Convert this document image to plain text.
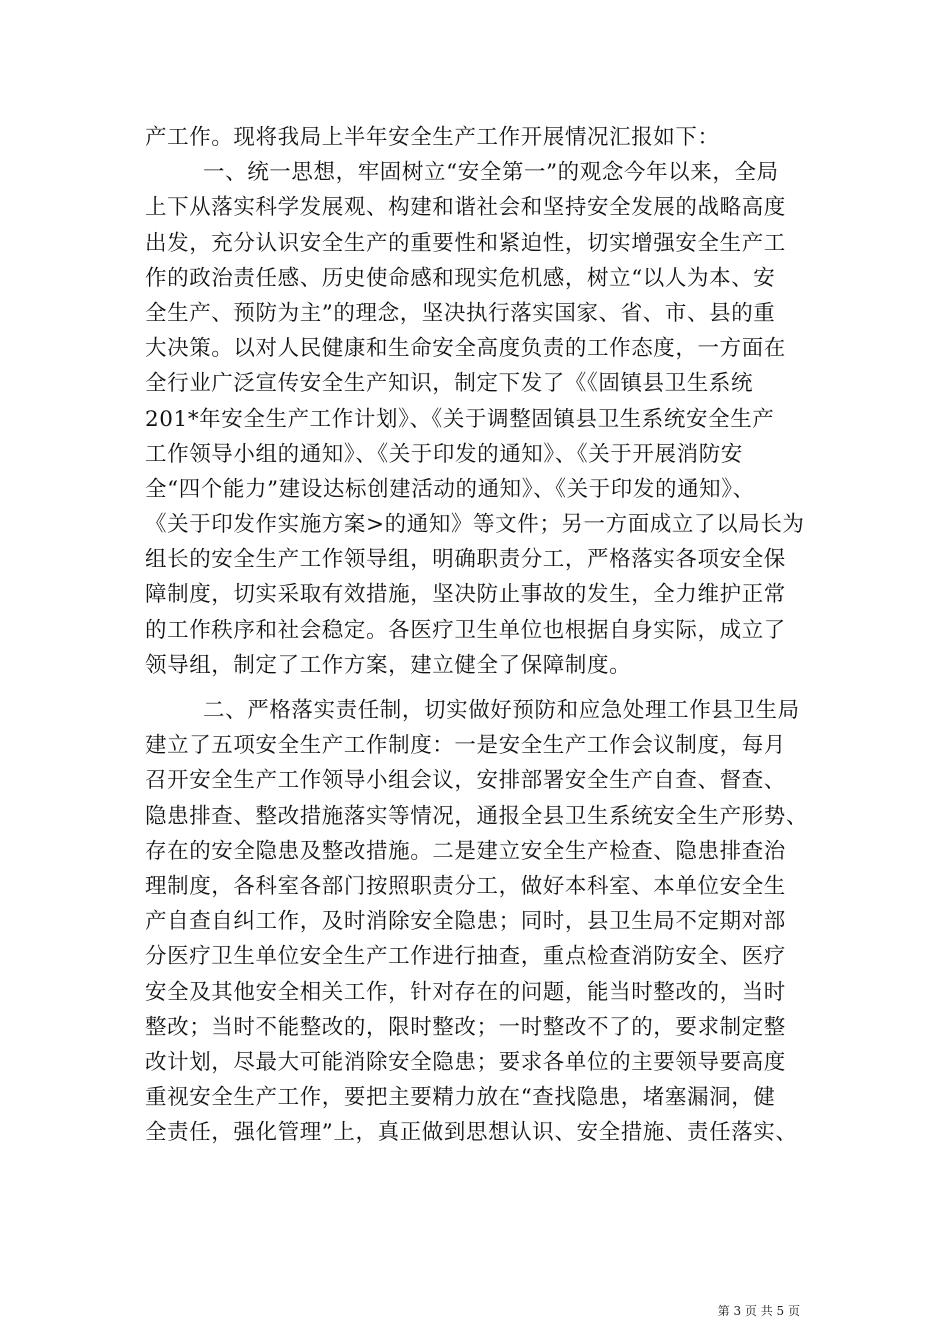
产工作。现将我局上半年安全生产工作开展情况汇报如下：
一、统一思想，牢固树立“安全第一”的观念今年以来，全局
上下从落实科学发展观、构建和谐社会和坚持安全发展的战略高度
出发，充分认识安全生产的重要性和紧迫性，切实增强安全生产工
作的政治责任感、历史使命感和现实危机感，树立“以人为本、安
全生产、预防为主”的理念，坚决执行落实国家、省、市、县的重
大决策。以对人民健康和生命安全高度负责的工作态度，一方面在
全行业广泛宣传安全生产知识，制定下发了《《固镇县卫生系统
201*年安全生产工作计划》、《关于调整固镇县卫生系统安全生产
工作领导小组的通知》、《关于印发的通知》、《关于开展消防安
全“四个能力”建设达标创建活动的通知》、《关于印发的通知》、
《关于印发作实施方案>的通知》等文件；另一方面成立了以局长为
组长的安全生产工作领导组，明确职责分工，严格落实各项安全保
障制度，切实采取有效措施，坚决防止事故的发生，全力维护正常
的工作秩序和社会稳定。各医疗卫生单位也根据自身实际，成立了
领导组，制定了工作方案，建立健全了保障制度。
二、严格落实责任制，切实做好预防和应急处理工作县卫生局
建立了五项安全生产工作制度：一是安全生产工作会议制度，每月
召开安全生产工作领导小组会议，安排部署安全生产自查、督查、
隐患排查、整改措施落实等情况，通报全县卫生系统安全生产形势、
存在的安全隐患及整改措施。二是建立安全生产检查、隐患排查治
理制度，各科室各部门按照职责分工，做好本科室、本单位安全生
产自查自纠工作，及时消除安全隐患；同时，县卫生局不定期对部
分医疗卫生单位安全生产工作进行抽查，重点检查消防安全、医疗
安全及其他安全相关工作，针对存在的问题，能当时整改的，当时
整改；当时不能整改的，限时整改；一时整改不了的，要求制定整
改计划，尽最大可能消除安全隐患；要求各单位的主要领导要高度
重视安全生产工作，要把主要精力放在“查找隐患，堵塞漏洞，健
全责任，强化管理”上，真正做到思想认识、安全措施、责任落实、
第 3 页 共 5 页
